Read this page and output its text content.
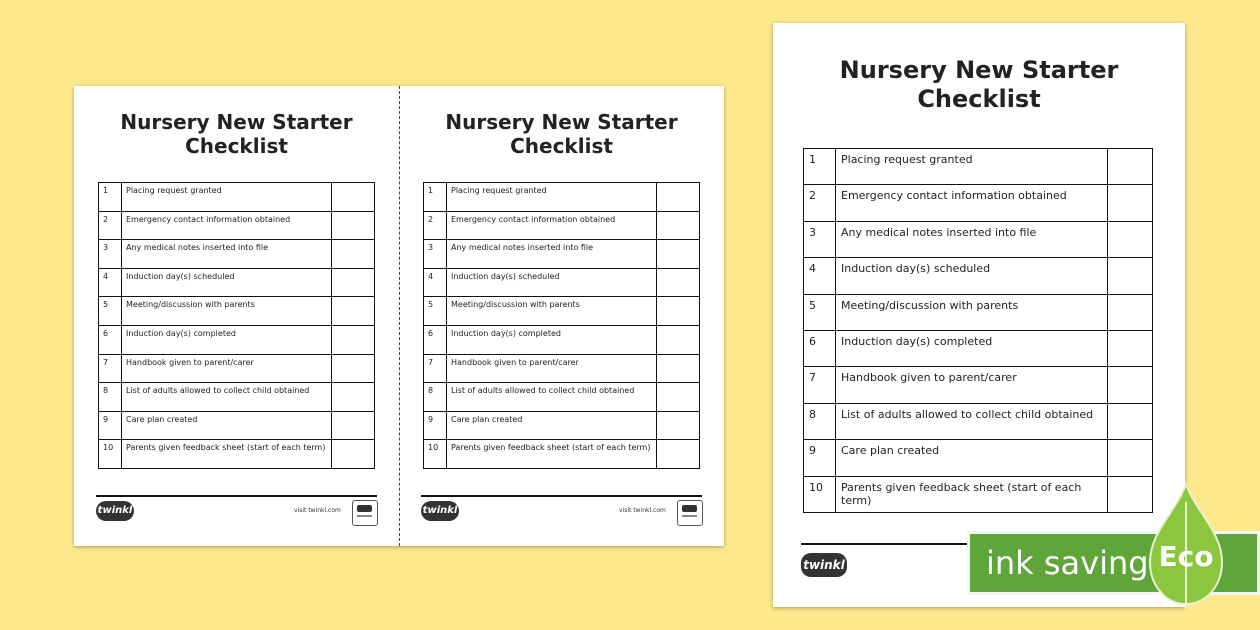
Nursery New Starter
Checklist
1	Placing request granted	
2	Emergency contact information obtained	
3	Any medical notes inserted into file	
4	Induction day(s) scheduled	
5	Meeting/discussion with parents	
6	Induction day(s) completed	
7	Handbook given to parent/carer	
8	List of adults allowed to collect child obtained	
9	Care plan created	
10	Parents given feedback sheet (start of each term)	
twinkl	visit twinkl.com
Nursery New Starter
Checklist
1	Placing request granted	
2	Emergency contact information obtained	
3	Any medical notes inserted into file	
4	Induction day(s) scheduled	
5	Meeting/discussion with parents	
6	Induction day(s) completed	
7	Handbook given to parent/carer	
8	List of adults allowed to collect child obtained	
9	Care plan created	
10	Parents given feedback sheet (start of each term)	
twinkl	visit twinkl.com
Nursery New Starter
Checklist
1	Placing request granted	
2	Emergency contact information obtained	
3	Any medical notes inserted into file	
4	Induction day(s) scheduled	
5	Meeting/discussion with parents	
6	Induction day(s) completed	
7	Handbook given to parent/carer	
8	List of adults allowed to collect child obtained	
9	Care plan created	
10	Parents given feedback sheet (start of each term)	
twinkl	ink saving Eco
